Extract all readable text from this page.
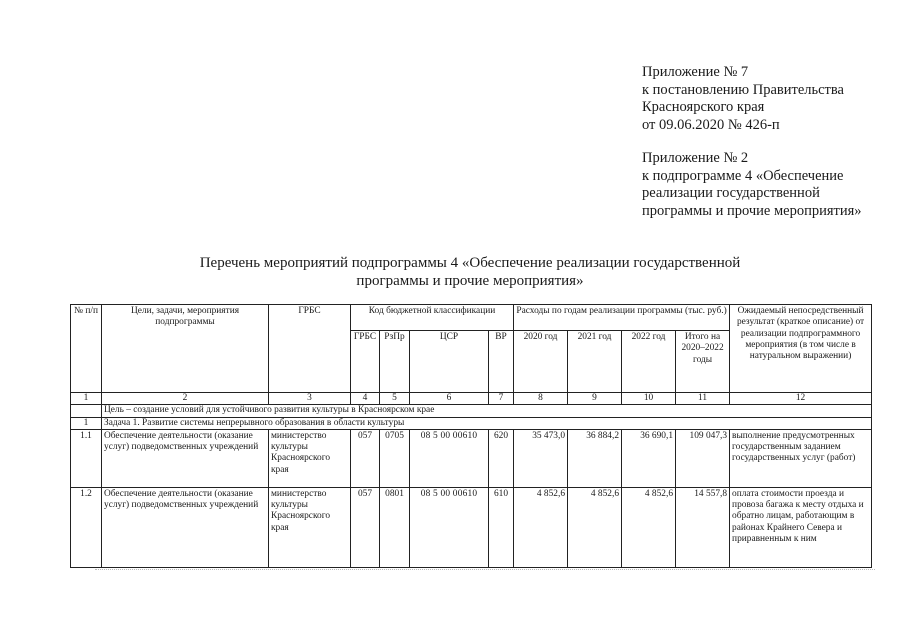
Приложение № 7
к постановлению Правительства
Красноярского края
от 09.06.2020 № 426-п
Приложение № 2
к подпрограмме 4 «Обеспечение
реализации государственной
программы и прочие мероприятия»
Перечень мероприятий подпрограммы 4 «Обеспечение реализации государственной
программы и прочие мероприятия»
№ п/п	Цели, задачи, мероприятия подпрограммы	ГРБС	Код бюджетной классификации				Расходы по годам реализации программы (тыс. руб.)				Ожидаемый непосредственный результат (краткое описание) от реализации подпрограммного мероприятия (в том числе в натуральном выражении)
			ГРБС	РзПр	ЦСР	ВР	2020 год	2021 год	2022 год	Итого на 2020–2022 годы	
1	2	3	4	5	6	7	8	9	10	11	12
	Цель – создание условий для устойчивого развития культуры в Красноярском крае										
1	Задача 1. Развитие системы непрерывного образования в области культуры										
1.1	Обеспечение деятельности (оказание услуг) подведомственных учреждений	министерство культуры Красноярского края	057	0705	08 5 00 00610	620	35 473,0	36 884,2	36 690,1	109 047,3	выполнение предусмотренных государственным заданием государственных услуг (работ)
1.2	Обеспечение деятельности (оказание услуг) подведомственных учреждений	министерство культуры Красноярского края	057	0801	08 5 00 00610	610	4 852,6	4 852,6	4 852,6	14 557,8	оплата стоимости проезда и провоза багажа к месту отдыха и обратно лицам, работающим в районах Крайнего Севера и приравненным к ним
